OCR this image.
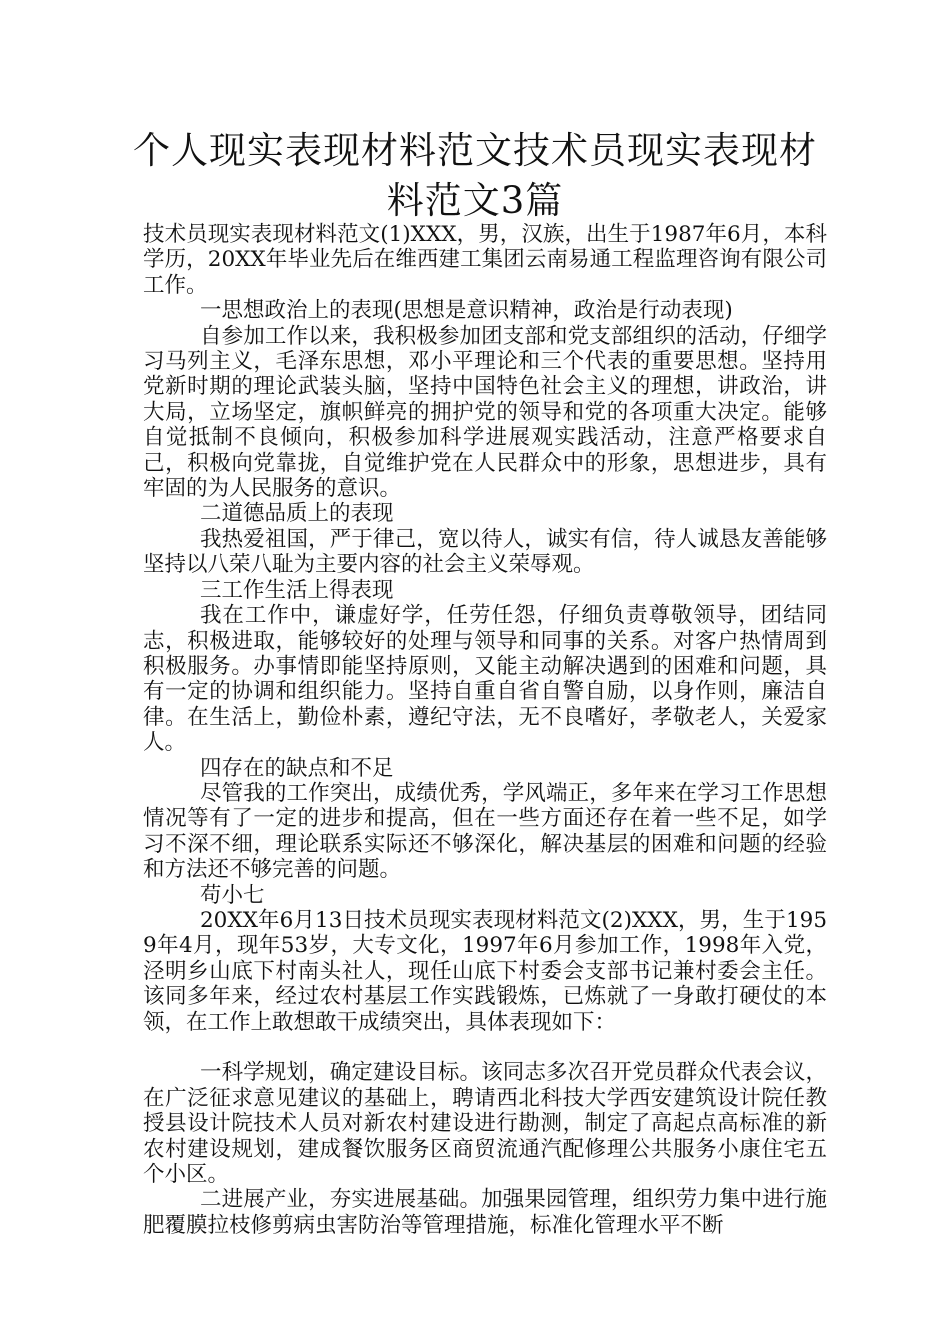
个人现实表现材料范文技术员现实表现材料范文3篇

技术员现实表现材料范文(1)XXX，男，汉族，出生于1987年6月，本科学历，20XX年毕业先后在维西建工集团云南易通工程监理咨询有限公司工作。

一思想政治上的表现(思想是意识精神，政治是行动表现)

自参加工作以来，我积极参加团支部和党支部组织的活动，仔细学习马列主义，毛泽东思想，邓小平理论和三个代表的重要思想。坚持用党新时期的理论武装头脑，坚持中国特色社会主义的理想，讲政治，讲大局，立场坚定，旗帜鲜亮的拥护党的领导和党的各项重大决定。能够自觉抵制不良倾向，积极参加科学进展观实践活动，注意严格要求自己，积极向党靠拢，自觉维护党在人民群众中的形象，思想进步，具有牢固的为人民服务的意识。

二道德品质上的表现

我热爱祖国，严于律己，宽以待人，诚实有信，待人诚恳友善能够坚持以八荣八耻为主要内容的社会主义荣辱观。

三工作生活上得表现

我在工作中，谦虚好学，任劳任怨，仔细负责尊敬领导，团结同志，积极进取，能够较好的处理与领导和同事的关系。对客户热情周到积极服务。办事情即能坚持原则，又能主动解决遇到的困难和问题，具有一定的协调和组织能力。坚持自重自省自警自励，以身作则，廉洁自律。在生活上，勤俭朴素，遵纪守法，无不良嗜好，孝敬老人，关爱家人。

四存在的缺点和不足

尽管我的工作突出，成绩优秀，学风端正，多年来在学习工作思想情况等有了一定的进步和提高，但在一些方面还存在着一些不足，如学习不深不细，理论联系实际还不够深化，解决基层的困难和问题的经验和方法还不够完善的问题。

苟小七

20XX年6月13日技术员现实表现材料范文(2)XXX，男，生于1959年4月，现年53岁，大专文化，1997年6月参加工作，1998年入党，泾明乡山底下村南头社人，现任山底下村委会支部书记兼村委会主任。该同多年来，经过农村基层工作实践锻炼，已炼就了一身敢打硬仗的本领，在工作上敢想敢干成绩突出，具体表现如下：

一科学规划，确定建设目标。该同志多次召开党员群众代表会议，在广泛征求意见建议的基础上，聘请西北科技大学西安建筑设计院任教授县设计院技术人员对新农村建设进行勘测，制定了高起点高标准的新农村建设规划，建成餐饮服务区商贸流通汽配修理公共服务小康住宅五个小区。

二进展产业，夯实进展基础。加强果园管理，组织劳力集中进行施肥覆膜拉枝修剪病虫害防治等管理措施，标准化管理水平不断
